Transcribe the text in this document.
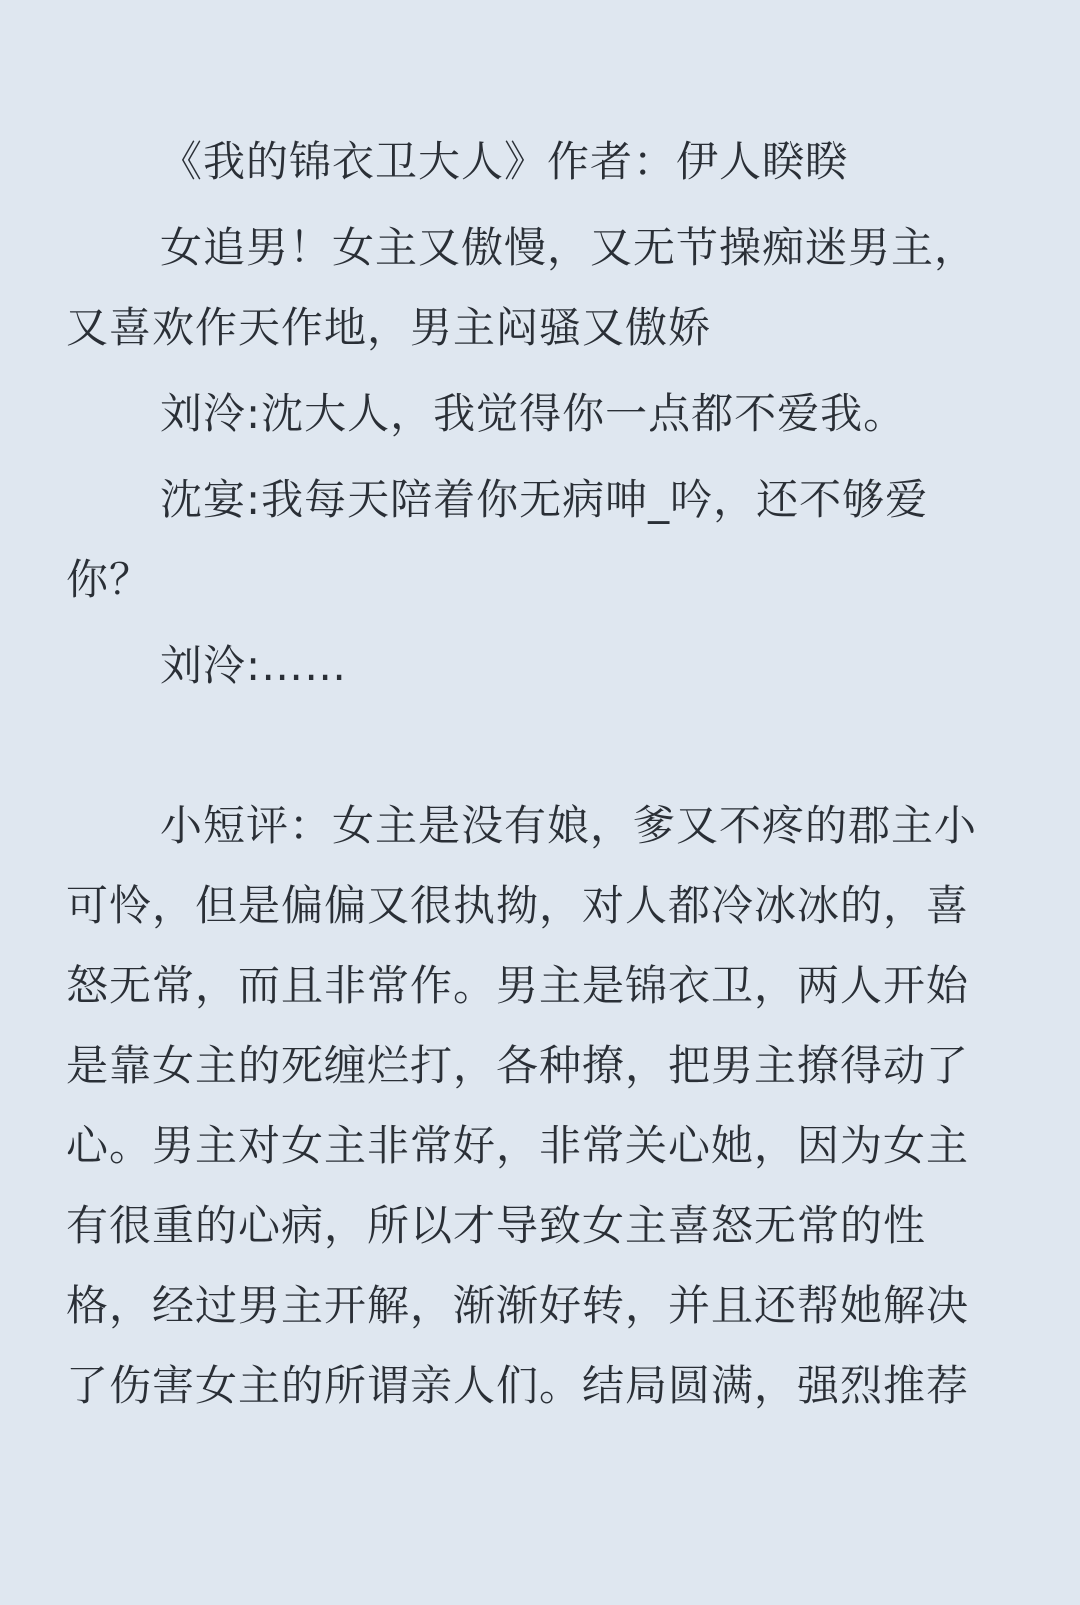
《我的锦衣卫大人》作者：伊人睽睽

女追男！女主又傲慢，又无节操痴迷男主，又喜欢作天作地，男主闷骚又傲娇

刘泠:沈大人，我觉得你一点都不爱我。

沈宴:我每天陪着你无病呻_吟，还不够爱你？

刘泠:……

小短评：女主是没有娘，爹又不疼的郡主小可怜，但是偏偏又很执拗，对人都冷冰冰的，喜怒无常，而且非常作。男主是锦衣卫，两人开始是靠女主的死缠烂打，各种撩，把男主撩得动了心。男主对女主非常好，非常关心她，因为女主有很重的心病，所以才导致女主喜怒无常的性格，经过男主开解，渐渐好转，并且还帮她解决了伤害女主的所谓亲人们。结局圆满，强烈推荐
